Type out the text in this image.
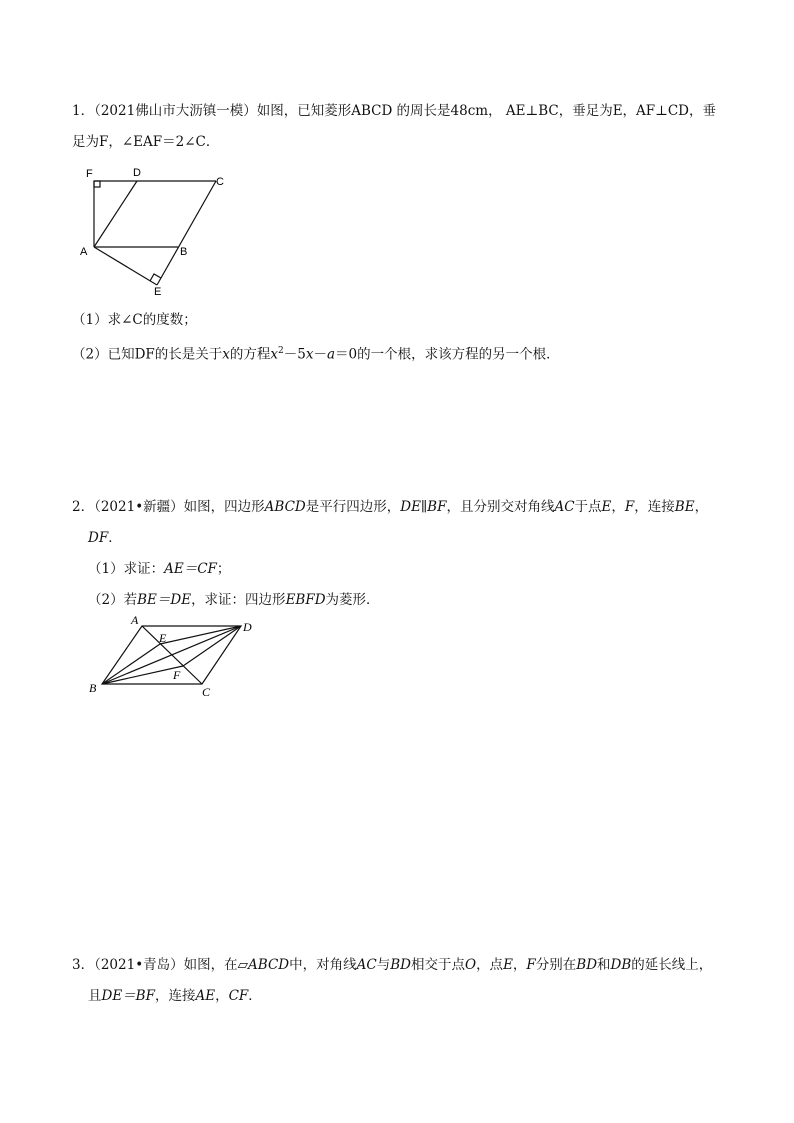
1．（2021佛山市大沥镇一模）如图，已知菱形ABCD 的周长是48cm， AE⊥BC，垂足为E，AF⊥CD，垂
足为F，∠EAF＝2∠C．
F	D
C
A	B
E
（1）求∠C的度数；
（2）已知DF的长是关于x的方程$x^2-5x-a=0$的一个根，求该方程的另一个根．
2．（2021•新疆）如图，四边形ABCD是平行四边形，DE∥BF，且分别交对角线AC于点E，F，连接BE，
DF．
（1）求证：AE＝CF；
（2）若BE＝DE，求证：四边形EBFD为菱形．
A	D
E
F
B	C
3．（2021•青岛）如图，在▱ABCD中，对角线AC与BD相交于点O，点E，F分别在BD和DB的延长线上，
且DE＝BF，连接AE，CF．
